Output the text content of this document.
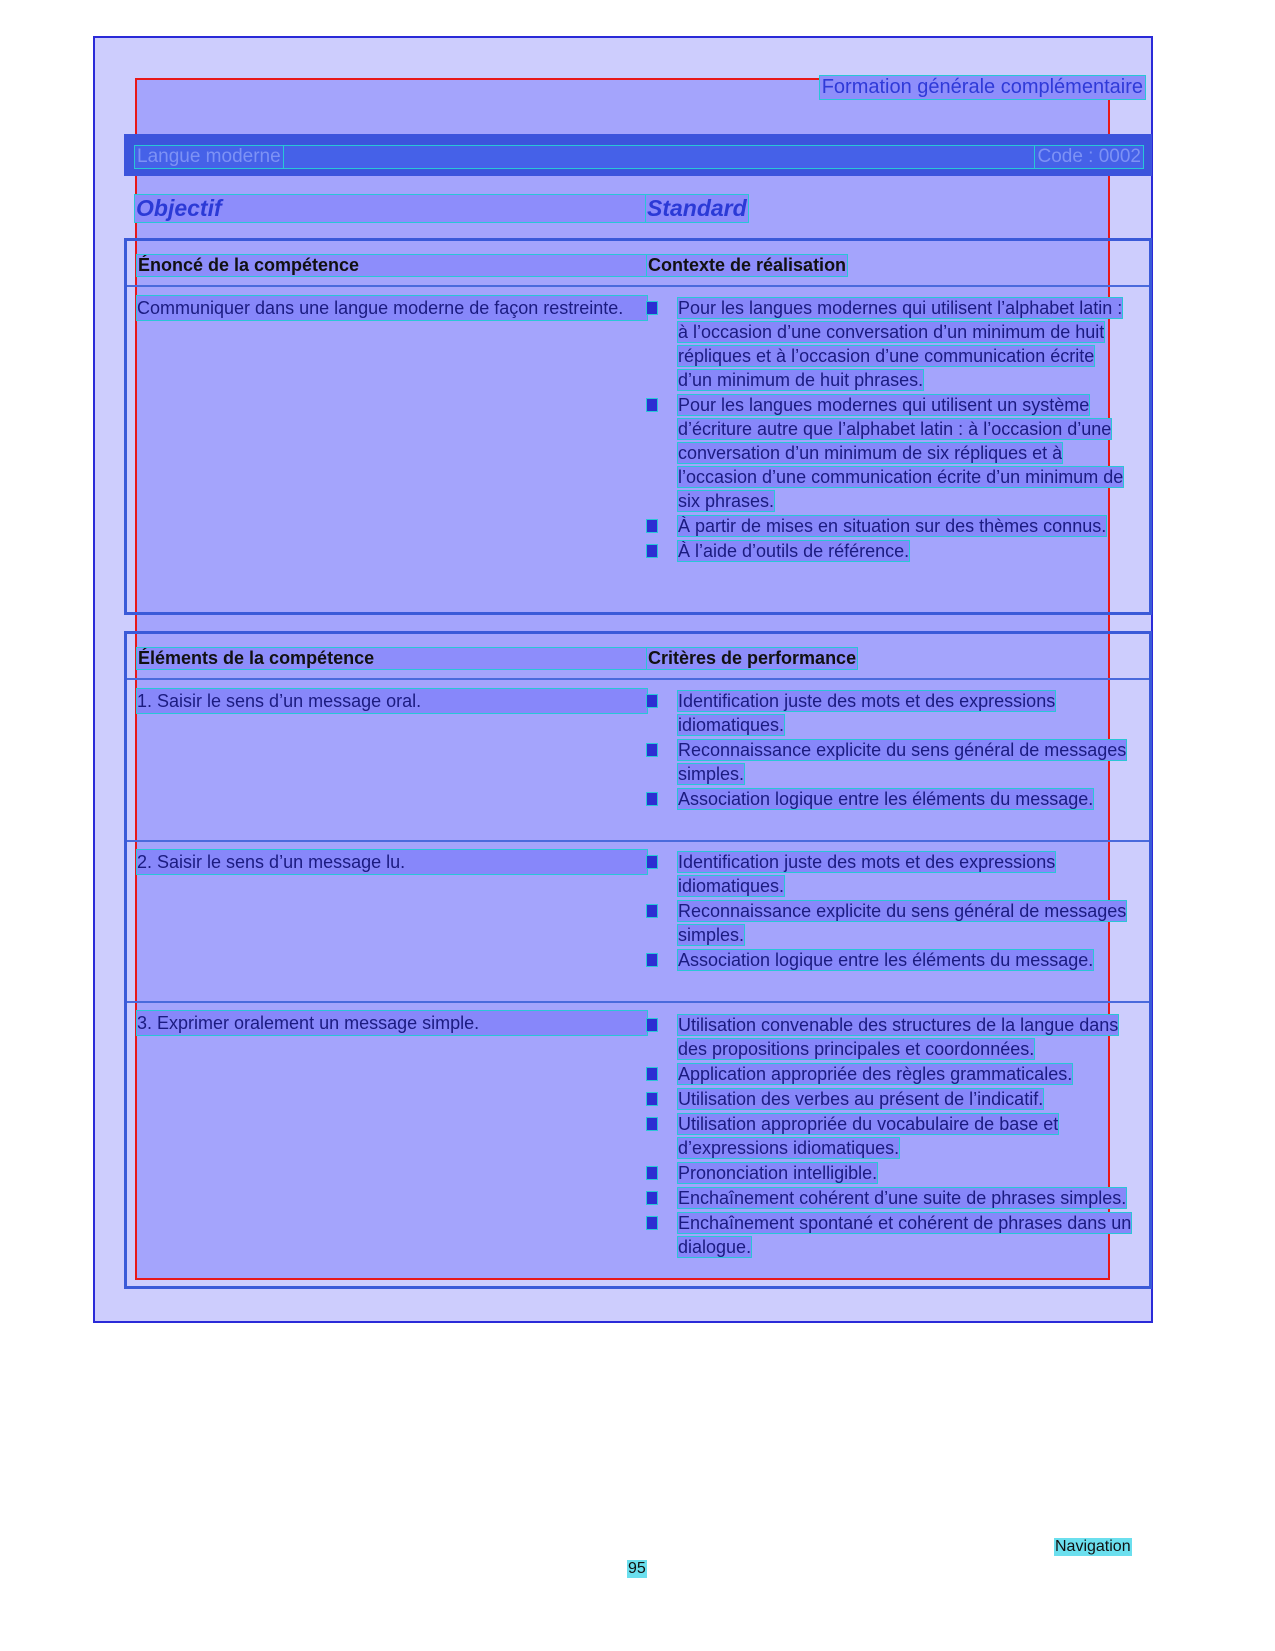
Formation générale complémentaire
Langue moderne	Code : 0002
Objectif	Standard
Énoncé de la compétence	Contexte de réalisation
Communiquer dans une langue moderne de façon restreinte.	Pour les langues modernes qui utilisent l’alphabet latin : à l’occasion d’une conversation d’un minimum de huit répliques et à l’occasion d’une communication écrite d’un minimum de huit phrases.
Pour les langues modernes qui utilisent un système d’écriture autre que l’alphabet latin : à l’occasion d’une conversation d’un minimum de six répliques et à l’occasion d’une communication écrite d’un minimum de six phrases.
À partir de mises en situation sur des thèmes connus.
À l’aide d’outils de référence.
Éléments de la compétence	Critères de performance
1. Saisir le sens d’un message oral.	Identification juste des mots et des expressions idiomatiques.
Reconnaissance explicite du sens général de messages simples.
Association logique entre les éléments du message.
2. Saisir le sens d’un message lu.	Identification juste des mots et des expressions idiomatiques.
Reconnaissance explicite du sens général de messages simples.
Association logique entre les éléments du message.
3. Exprimer oralement un message simple.	Utilisation convenable des structures de la langue dans des propositions principales et coordonnées.
Application appropriée des règles grammaticales.
Utilisation des verbes au présent de l’indicatif.
Utilisation appropriée du vocabulaire de base et d’expressions idiomatiques.
Prononciation intelligible.
Enchaînement cohérent d’une suite de phrases simples.
Enchaînement spontané et cohérent de phrases dans un dialogue.
Navigation
95
